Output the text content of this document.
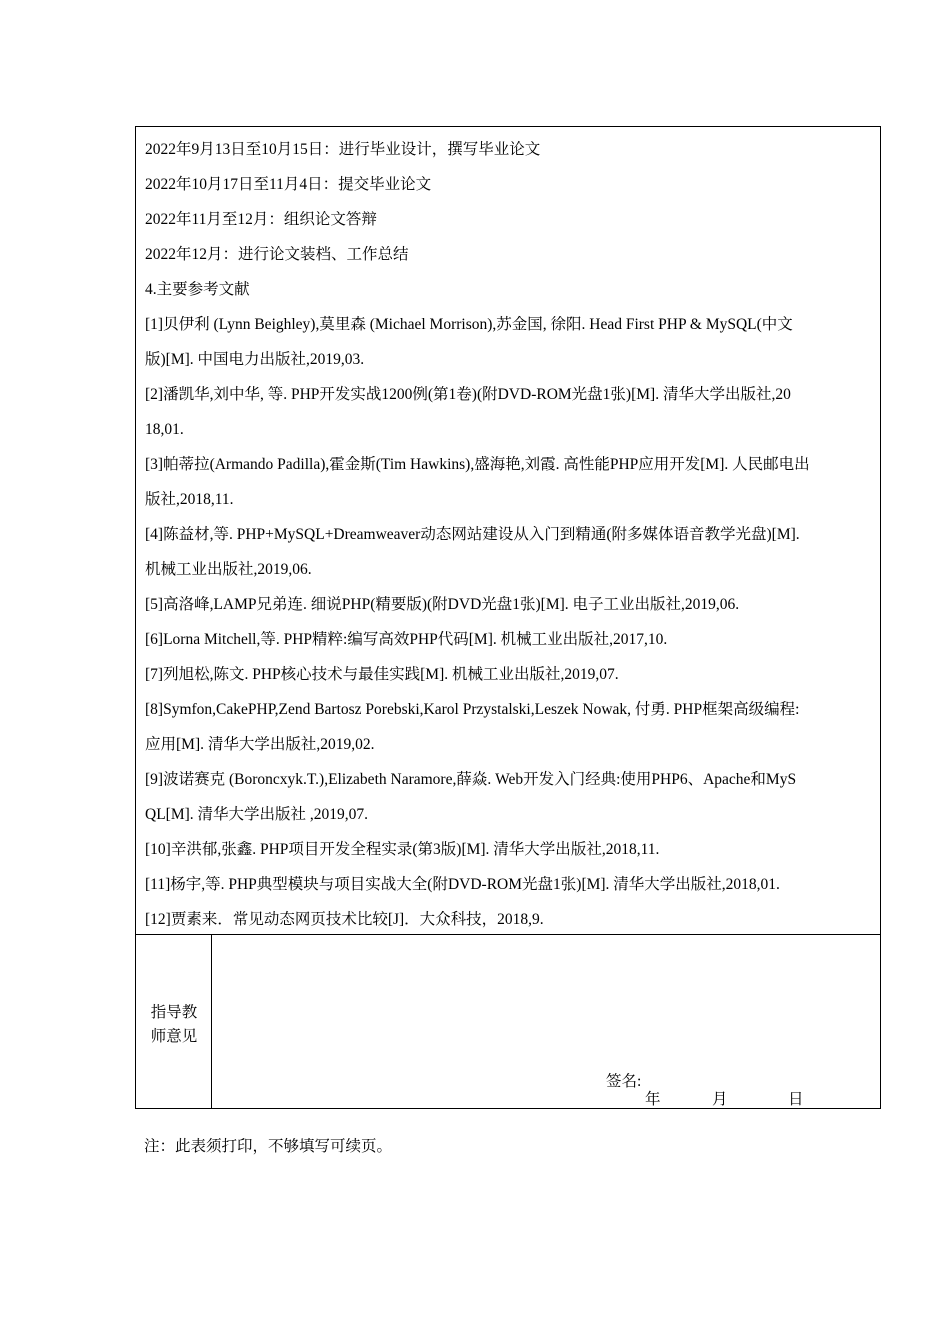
2022年9月13日至10月15日：进行毕业设计，撰写毕业论文
2022年10月17日至11月4日：提交毕业论文
2022年11月至12月：组织论文答辩
2022年12月：进行论文装档、工作总结
4.主要参考文献
[1]贝伊利 (Lynn Beighley),莫里森 (Michael Morrison),苏金国, 徐阳. Head First PHP & MySQL(中文
版)[M]. 中国电力出版社,2019,03.
[2]潘凯华,刘中华, 等. PHP开发实战1200例(第1卷)(附DVD-ROM光盘1张)[M]. 清华大学出版社,20
18,01.
[3]帕蒂拉(Armando Padilla),霍金斯(Tim Hawkins),盛海艳,刘霞. 高性能PHP应用开发[M]. 人民邮电出
版社,2018,11.
[4]陈益材,等. PHP+MySQL+Dreamweaver动态网站建设从入门到精通(附多媒体语音教学光盘)[M].
机械工业出版社,2019,06.
[5]高洛峰,LAMP兄弟连. 细说PHP(精要版)(附DVD光盘1张)[M]. 电子工业出版社,2019,06.
[6]Lorna Mitchell,等. PHP精粹:编写高效PHP代码[M]. 机械工业出版社,2017,10.
[7]列旭松,陈文. PHP核心技术与最佳实践[M]. 机械工业出版社,2019,07.
[8]Symfon,CakePHP,Zend Bartosz Porebski,Karol Przystalski,Leszek Nowak, 付勇. PHP框架高级编程:
应用[M]. 清华大学出版社,2019,02.
[9]波诺赛克 (Boroncxyk.T.),Elizabeth Naramore,薛焱. Web开发入门经典:使用PHP6、Apache和MyS
QL[M]. 清华大学出版社 ,2019,07.
[10]辛洪郁,张鑫. PHP项目开发全程实录(第3版)[M]. 清华大学出版社,2018,11.
[11]杨宇,等. PHP典型模块与项目实战大全(附DVD-ROM光盘1张)[M]. 清华大学出版社,2018,01.
[12]贾素来．常见动态网页技术比较[J]．大众科技，2018,9.
指导教
师意见
签名:
年	月	日
注：此表须打印，不够填写可续页。
